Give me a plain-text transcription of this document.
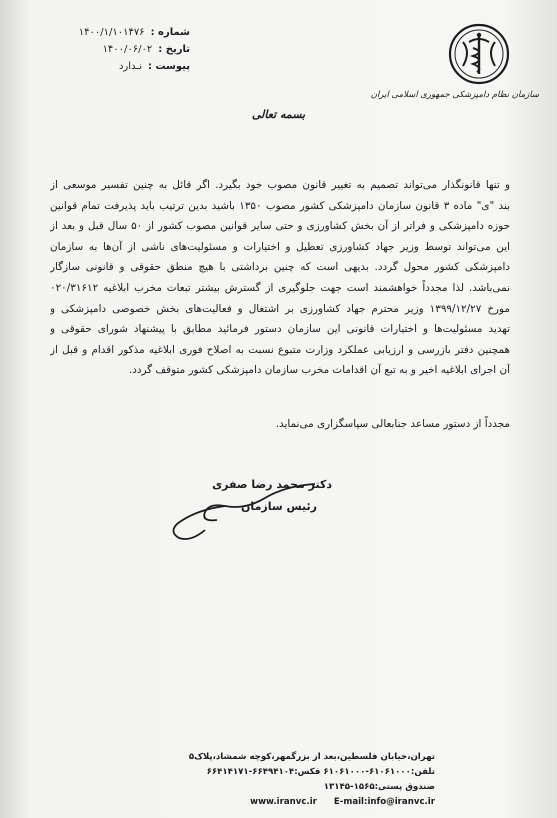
شماره :
۱۴۰۰/۱/۱۰۱۴۷۶
تاریخ :
۱۴۰۰/۰۶/۰۲
پیوست :
نـدارد
سازمان نظام دامپزشکی جمهوری اسلامی ایران
بسمه تعالی
و تنها قانونگذار می‌تواند تصمیم به تغییر قانون مصوب خود بگیرد. اگر قائل به چنین تفسیر موسعی از
بند "ی" ماده ۳ قانون سازمان دامپزشکی کشور مصوب ۱۳۵۰ باشید بدین ترتیب باید پذیرفت تمام قوانین
حوزه دامپزشکی و فراتر از آن بخش کشاورزی و حتی سایر قوانین مصوب کشور از ۵۰ سال قبل و بعد از
این می‌تواند توسط وزیر جهاد کشاورزی تعطیل و اختیارات و مسئولیت‌های ناشی از آن‌ها به سازمان
دامپزشکی کشور محول گردد. بدیهی است که چنین برداشتی با هیچ منطق حقوقی و قانونی سازگار
نمی‌باشد. لذا مجدداً خواهشمند است جهت جلوگیری از گسترش بیشتر تبعات مخرب ابلاغیه ۰۲۰/۳۱۶۱۲
مورخ ۱۳۹۹/۱۲/۲۷ وزیر محترم جهاد کشاورزی بر اشتغال و فعالیت‌های بخش خصوصی دامپزشکی و
تهدید مسئولیت‌ها و اختیارات قانونی این سازمان دستور فرمائید مطابق با پیشنهاد شورای حقوقی و
همچنین دفتر بازرسی و ارزیابی عملکرد وزارت متبوع نسبت به اصلاح فوری ابلاغیه مذکور اقدام و قبل از
آن اجرای ابلاغیه اخیر و به تبع آن اقدامات مخرب سازمان دامپزشکی کشور متوقف گردد.
مجدداً از دستور مساعد جنابعالی سپاسگزاری می‌نماید.
دکتر محمد رضا صفری
رئیس سازمان
تهران،خیابان فلسطین،بعد از بزرگمهر،کوچه شمشاد،پلاک۵
تلفن:۶۱۰۶۱۰۰۰-۶۱۰۶۱۰۰۰ فکس:۶۶۴۹۴۱۰۴-۶۶۴۱۴۱۷۱
صندوق پستی:۱۵۶۵-۱۳۱۴۵
www.iranvc.ir E-mail:info@iranvc.ir
